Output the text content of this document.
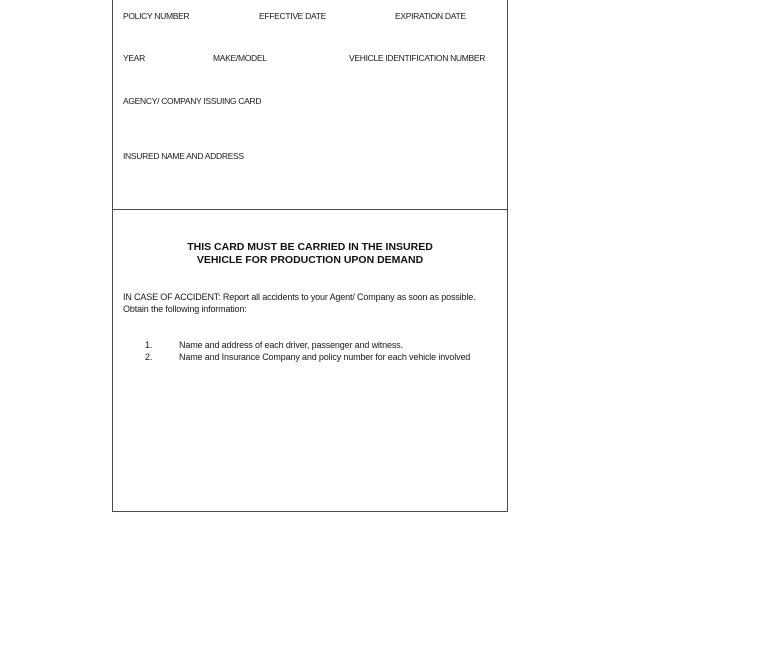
POLICY NUMBER	EFFECTIVE DATE	EXPIRATION DATE
YEAR	MAKE/MODEL	VEHICLE IDENTIFICATION NUMBER
AGENCY/ COMPANY ISSUING CARD
INSURED NAME AND ADDRESS
THIS CARD MUST BE CARRIED IN THE INSURED
VEHICLE FOR PRODUCTION UPON DEMAND
IN CASE OF ACCIDENT: Report all accidents to your Agent/ Company as soon as possible. Obtain the following information:
1.	Name and address of each driver, passenger and witness.
2.	Name and Insurance Company and policy number for each vehicle involved
